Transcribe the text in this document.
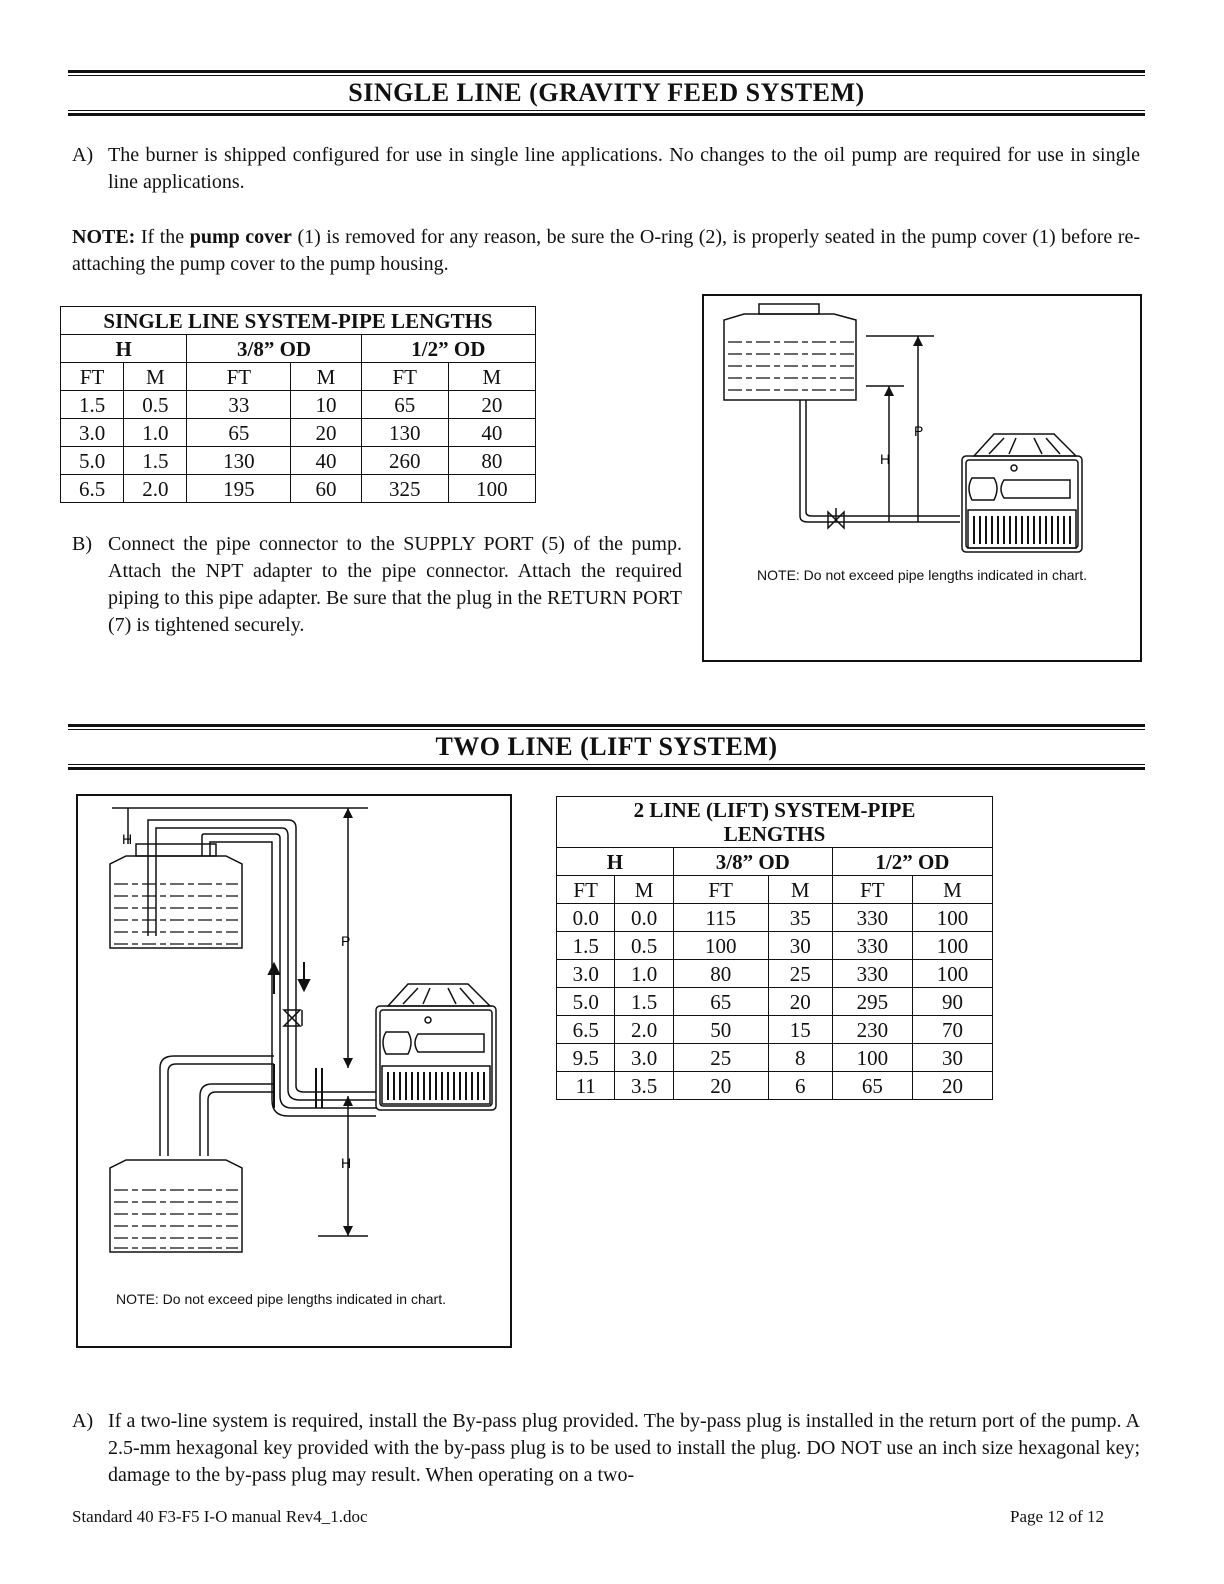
SINGLE LINE (GRAVITY FEED SYSTEM)
A) The burner is shipped configured for use in single line applications. No changes to the oil pump are required for use in single line applications.
NOTE: If the pump cover (1) is removed for any reason, be sure the O-ring (2), is properly seated in the pump cover (1) before re-attaching the pump cover to the pump housing.
SINGLE LINE SYSTEM-PIPE LENGTHS					
H		3/8” OD		1/2” OD	
FT	M	FT	M	FT	M
1.5	0.5	33	10	65	20
3.0	1.0	65	20	130	40
5.0	1.5	130	40	260	80
6.5	2.0	195	60	325	100
B) Connect the pipe connector to the SUPPLY PORT (5) of the pump. Attach the NPT adapter to the pipe connector. Attach the required piping to this pipe adapter. Be sure that the plug in the RETURN PORT (7) is tightened securely.
P
H
NOTE: Do not exceed pipe lengths indicated in chart.
TWO LINE (LIFT SYSTEM)
H
P
H
NOTE: Do not exceed pipe lengths indicated in chart.
2 LINE (LIFT) SYSTEM-PIPE LENGTHS					
H		3/8” OD		1/2” OD	
FT	M	FT	M	FT	M
0.0	0.0	115	35	330	100
1.5	0.5	100	30	330	100
3.0	1.0	80	25	330	100
5.0	1.5	65	20	295	90
6.5	2.0	50	15	230	70
9.5	3.0	25	8	100	30
11	3.5	20	6	65	20
A) If a two-line system is required, install the By-pass plug provided. The by-pass plug is installed in the return port of the pump. A 2.5-mm hexagonal key provided with the by-pass plug is to be used to install the plug. DO NOT use an inch size hexagonal key; damage to the by-pass plug may result. When operating on a two-
Standard 40 F3-F5 I-O manual Rev4_1.doc	Page 12 of 12
